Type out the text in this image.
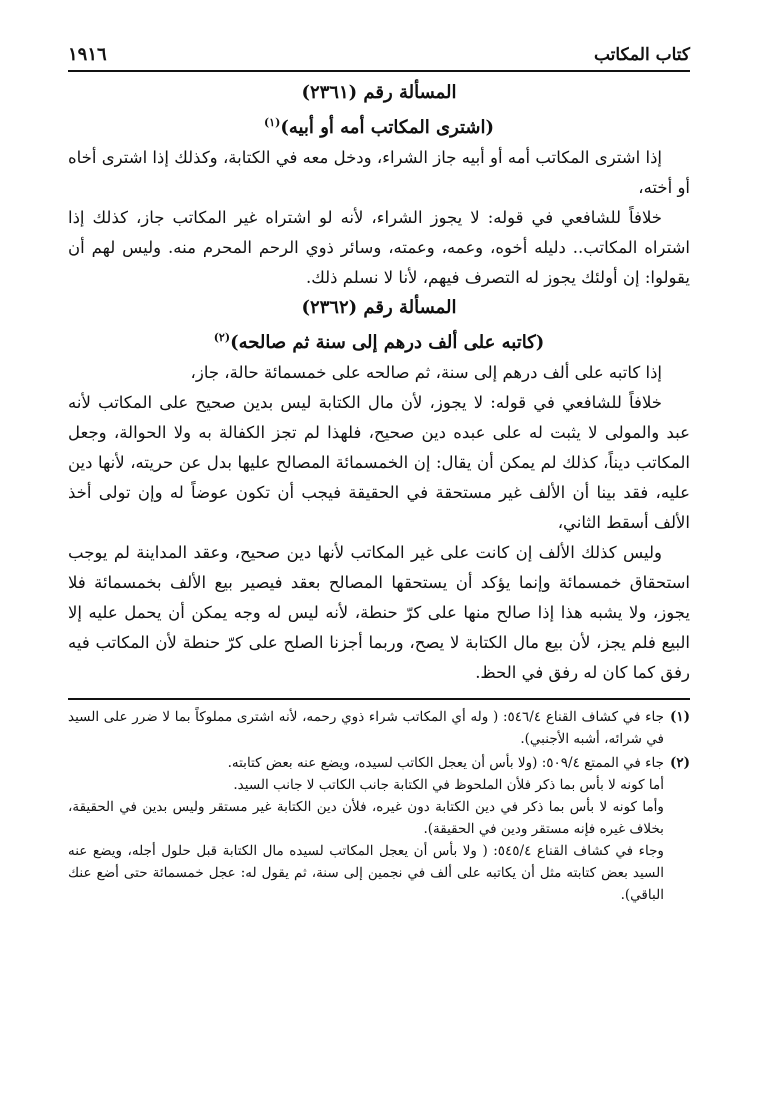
كتاب المكاتب
١٩١٦

المسألة رقم (٢٣٦١)

(اشترى المكاتب أمه أو أبيه)$^{(١)}$

إذا اشترى المكاتب أمه أو أبيه جاز الشراء، ودخل معه في الكتابة، وكذلك إذا اشترى أخاه أو أخته،

خلافاً للشافعي في قوله: لا يجوز الشراء، لأنه لو اشتراه غير المكاتب جاز، كذلك إذا اشتراه المكاتب.. دليله أخوه، وعمه، وعمته، وسائر ذوي الرحم المحرم منه. وليس لهم أن يقولوا: إن أولئك يجوز له التصرف فيهم، لأنا لا نسلم ذلك.

المسألة رقم (٢٣٦٢)

(كاتبه على ألف درهم إلى سنة ثم صالحه)$^{(٢)}$

إذا كاتبه على ألف درهم إلى سنة، ثم صالحه على خمسمائة حالة، جاز،

خلافاً للشافعي في قوله: لا يجوز، لأن مال الكتابة ليس بدين صحيح على المكاتب لأنه عبد والمولى لا يثبت له على عبده دين صحيح، فلهذا لم تجز الكفالة به ولا الحوالة، وجعل المكاتب ديناً، كذلك لم يمكن أن يقال: إن الخمسمائة المصالح عليها بدل عن حريته، لأنها دين عليه، فقد بينا أن الألف غير مستحقة في الحقيقة فيجب أن تكون عوضاً له وإن تولى أخذ الألف أسقط الثاني،

وليس كذلك الألف إن كانت على غير المكاتب لأنها دين صحيح، وعقد المداينة لم يوجب استحقاق خمسمائة وإنما يؤكد أن يستحقها المصالح بعقد فيصير بيع الألف بخمسمائة فلا يجوز، ولا يشبه هذا إذا صالح منها على كرّ حنطة، لأنه ليس له وجه يمكن أن يحمل عليه إلا البيع فلم يجز، لأن بيع مال الكتابة لا يصح، وربما أجزنا الصلح على كرّ حنطة لأن المكاتب فيه رفق كما كان له رفق في الحظ.

(١)
جاء في كشاف القناع ٥٤٦/٤: ( وله أي المكاتب شراء ذوي رحمه، لأنه اشترى مملوكاً بما لا ضرر على السيد في شرائه، أشبه الأجنبي).
(٢)
جاء في الممتع ٥٠٩/٤: (ولا بأس أن يعجل الكاتب لسيده، ويضع عنه بعض كتابته.
أما كونه لا بأس بما ذكر فلأن الملحوظ في الكتابة جانب الكاتب لا جانب السيد.
وأما كونه لا بأس بما ذكر في دين الكتابة دون غيره، فلأن دين الكتابة غير مستقر وليس بدين في الحقيقة، بخلاف غيره فإنه مستقر ودين في الحقيقة).
وجاء في كشاف القناع ٥٤٥/٤: ( ولا بأس أن يعجل المكاتب لسيده مال الكتابة قبل حلول أجله، ويضع عنه السيد بعض كتابته مثل أن يكاتبه على ألف في نجمين إلى سنة، ثم يقول له: عجل خمسمائة حتى أضع عنك الباقي).
